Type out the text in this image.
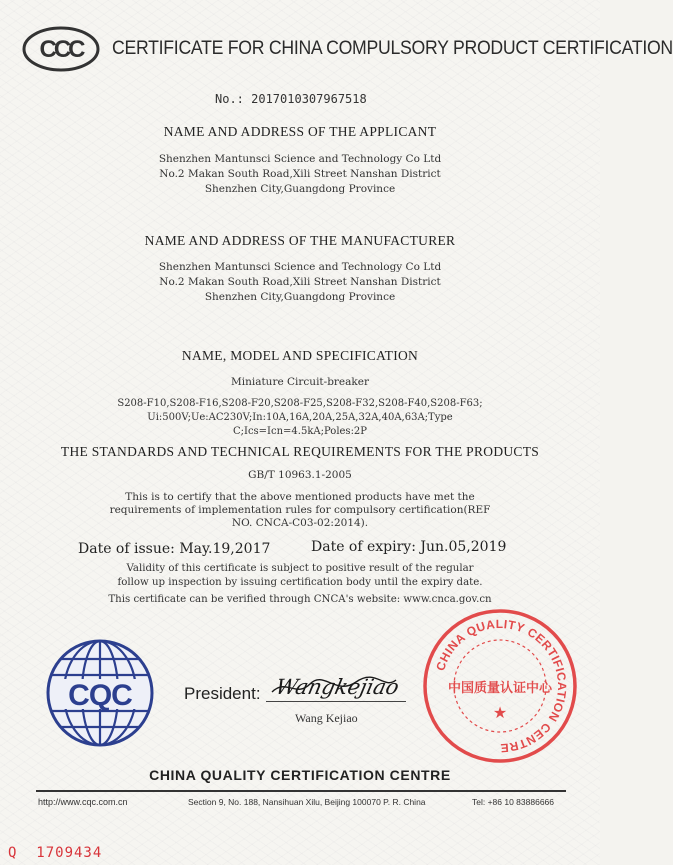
CCC CERTIFICATE FOR CHINA COMPULSORY PRODUCT CERTIFICATION
No.: 2017010307967518
NAME AND ADDRESS OF THE APPLICANT
Shenzhen Mantunsci Science and Technology Co Ltd
No.2 Makan South Road,Xili Street Nanshan District
Shenzhen City,Guangdong Province
NAME AND ADDRESS OF THE MANUFACTURER
Shenzhen Mantunsci Science and Technology Co Ltd
No.2 Makan South Road,Xili Street Nanshan District
Shenzhen City,Guangdong Province
NAME, MODEL AND SPECIFICATION
Miniature Circuit-breaker
S208-F10,S208-F16,S208-F20,S208-F25,S208-F32,S208-F40,S208-F63;
Ui:500V;Ue:AC230V;In:10A,16A,20A,25A,32A,40A,63A;Type
C;Ics=Icn=4.5kA;Poles:2P
THE STANDARDS AND TECHNICAL REQUIREMENTS FOR THE PRODUCTS
GB/T 10963.1-2005
This is to certify that the above mentioned products have met the
requirements of implementation rules for compulsory certification(REF
NO. CNCA-C03-02:2014).
Date of issue: May.19,2017	Date of expiry: Jun.05,2019
Validity of this certificate is subject to positive result of the regular
follow up inspection by issuing certification body until the expiry date.
This certificate can be verified through CNCA's website: www.cnca.gov.cn
CQC	President: Wangkejiao
Wang Kejiao
CHINA QUALITY CERTIFICATION CENTRE
中国质量认证中心
★
CHINA QUALITY CERTIFICATION CENTRE
http://www.cqc.com.cn	Section 9, No. 188, Nansihuan Xilu, Beijing 100070 P. R. China	Tel: +86 10 83886666
Q  1709434
